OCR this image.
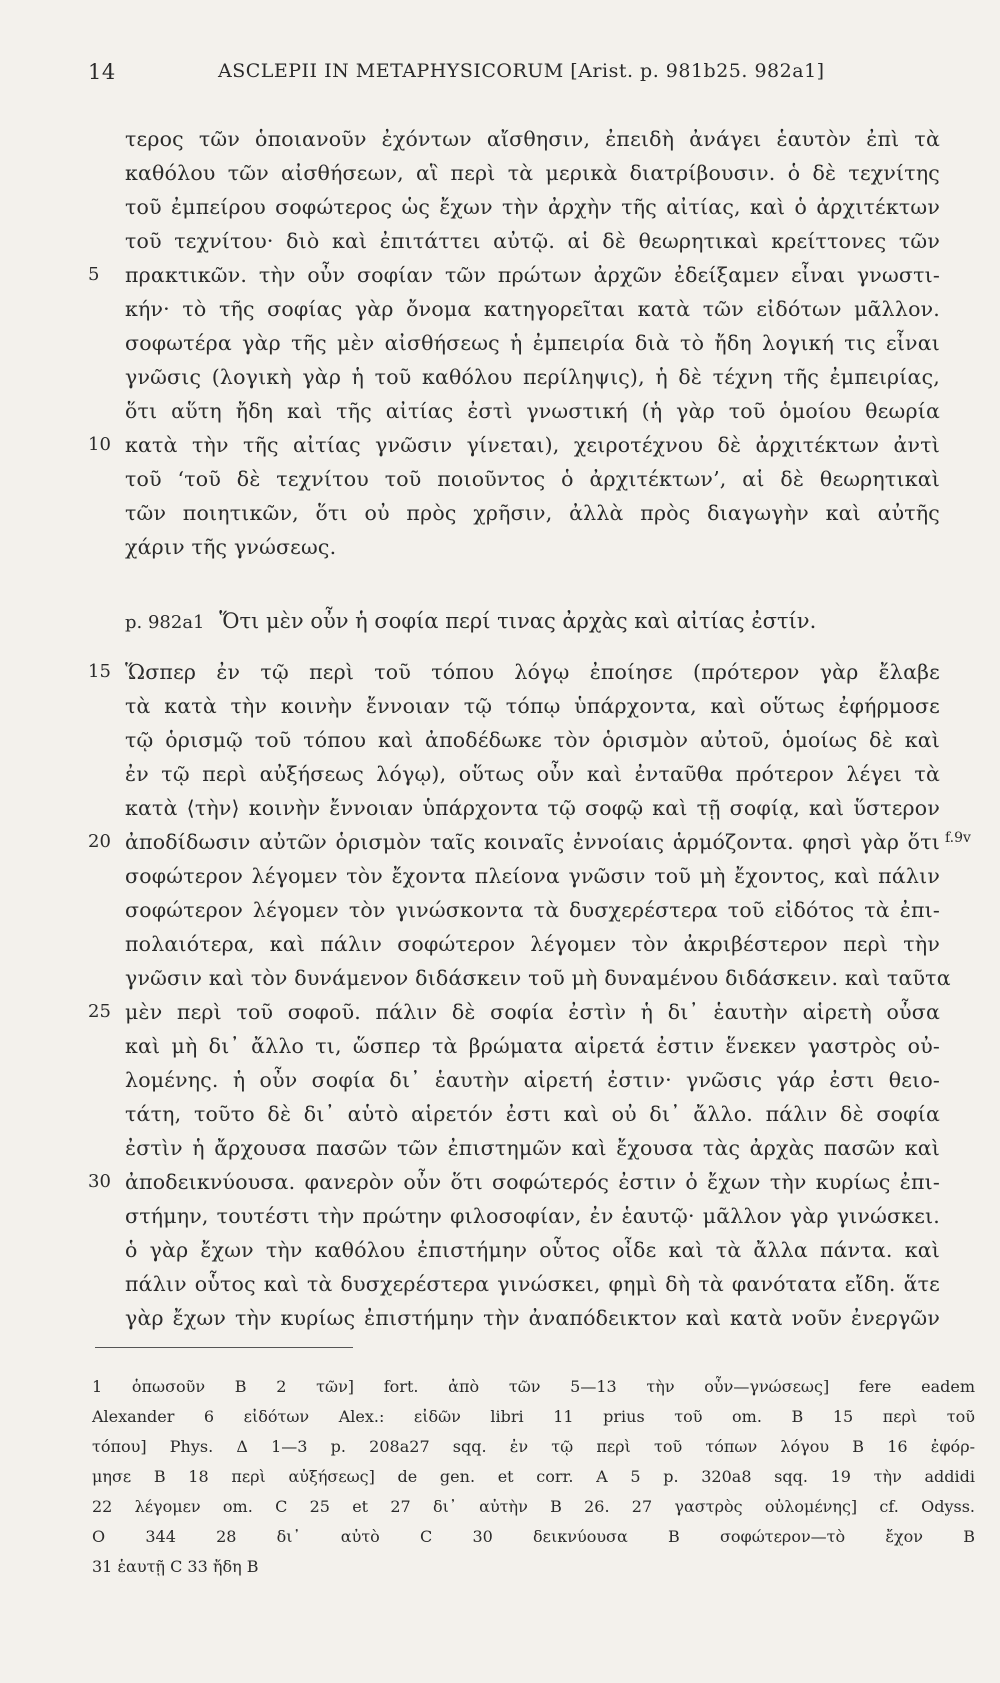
14	ASCLEPII IN METAPHYSICORUM [Arist. p. 981b25. 982a1]
τερος τῶν ὁποιανοῦν ἐχόντων αἴσθησιν, ἐπειδὴ ἀνάγει ἑαυτὸν ἐπὶ τὰ
καθόλου τῶν αἰσθήσεων, αἳ περὶ τὰ μερικὰ διατρίβουσιν. ὁ δὲ τεχνίτης
τοῦ ἐμπείρου σοφώτερος ὡς ἔχων τὴν ἀρχὴν τῆς αἰτίας, καὶ ὁ ἀρχιτέκτων
τοῦ τεχνίτου· διὸ καὶ ἐπιτάττει αὐτῷ. αἱ δὲ θεωρητικαὶ κρείττονες τῶν
πρακτικῶν. τὴν οὖν σοφίαν τῶν πρώτων ἀρχῶν ἐδείξαμεν εἶναι γνωστι-
κήν· τὸ τῆς σοφίας γὰρ ὄνομα κατηγορεῖται κατὰ τῶν εἰδότων μᾶλλον.
σοφωτέρα γὰρ τῆς μὲν αἰσθήσεως ἡ ἐμπειρία διὰ τὸ ἤδη λογική τις εἶναι
γνῶσις (λογικὴ γὰρ ἡ τοῦ καθόλου περίληψις), ἡ δὲ τέχνη τῆς ἐμπειρίας,
ὅτι αὕτη ἤδη καὶ τῆς αἰτίας ἐστὶ γνωστική (ἡ γὰρ τοῦ ὁμοίου θεωρία
κατὰ τὴν τῆς αἰτίας γνῶσιν γίνεται), χειροτέχνου δὲ ἀρχιτέκτων ἀντὶ
τοῦ ‘τοῦ δὲ τεχνίτου τοῦ ποιοῦντος ὁ ἀρχιτέκτων’, αἱ δὲ θεωρητικαὶ
τῶν ποιητικῶν, ὅτι οὐ πρὸς χρῆσιν, ἀλλὰ πρὸς διαγωγὴν καὶ αὐτῆς
χάριν τῆς γνώσεως.
p. 982a1 Ὅτι μὲν οὖν ἡ σοφία περί τινας ἀρχὰς καὶ αἰτίας ἐστίν.
Ὥσπερ ἐν τῷ περὶ τοῦ τόπου λόγῳ ἐποίησε (πρότερον γὰρ ἔλαβε
τὰ κατὰ τὴν κοινὴν ἔννοιαν τῷ τόπῳ ὑπάρχοντα, καὶ οὕτως ἐφήρμοσε
τῷ ὁρισμῷ τοῦ τόπου καὶ ἀποδέδωκε τὸν ὁρισμὸν αὐτοῦ, ὁμοίως δὲ καὶ
ἐν τῷ περὶ αὐξήσεως λόγῳ), οὕτως οὖν καὶ ἐνταῦθα πρότερον λέγει τὰ
κατὰ ⟨τὴν⟩ κοινὴν ἔννοιαν ὑπάρχοντα τῷ σοφῷ καὶ τῇ σοφίᾳ, καὶ ὕστερον
ἀποδίδωσιν αὐτῶν ὁρισμὸν ταῖς κοιναῖς ἐννοίαις ἁρμόζοντα. φησὶ γὰρ ὅτι
σοφώτερον λέγομεν τὸν ἔχοντα πλείονα γνῶσιν τοῦ μὴ ἔχοντος, καὶ πάλιν
σοφώτερον λέγομεν τὸν γινώσκοντα τὰ δυσχερέστερα τοῦ εἰδότος τὰ ἐπι-
πολαιότερα, καὶ πάλιν σοφώτερον λέγομεν τὸν ἀκριβέστερον περὶ τὴν
γνῶσιν καὶ τὸν δυνάμενον διδάσκειν τοῦ μὴ δυναμένου διδάσκειν. καὶ ταῦτα
μὲν περὶ τοῦ σοφοῦ. πάλιν δὲ σοφία ἐστὶν ἡ δι᾽ ἑαυτὴν αἱρετὴ οὖσα
καὶ μὴ δι᾽ ἄλλο τι, ὥσπερ τὰ βρώματα αἱρετά ἐστιν ἕνεκεν γαστρὸς οὐ-
λομένης. ἡ οὖν σοφία δι᾽ ἑαυτὴν αἱρετή ἐστιν· γνῶσις γάρ ἐστι θειο-
τάτη, τοῦτο δὲ δι᾽ αὑτὸ αἱρετόν ἐστι καὶ οὐ δι᾽ ἄλλο. πάλιν δὲ σοφία
ἐστὶν ἡ ἄρχουσα πασῶν τῶν ἐπιστημῶν καὶ ἔχουσα τὰς ἀρχὰς πασῶν καὶ
ἀποδεικνύουσα. φανερὸν οὖν ὅτι σοφώτερός ἐστιν ὁ ἔχων τὴν κυρίως ἐπι-
στήμην, τουτέστι τὴν πρώτην φιλοσοφίαν, ἐν ἑαυτῷ· μᾶλλον γὰρ γινώσκει.
ὁ γὰρ ἔχων τὴν καθόλου ἐπιστήμην οὗτος οἶδε καὶ τὰ ἄλλα πάντα. καὶ
πάλιν οὗτος καὶ τὰ δυσχερέστερα γινώσκει, φημὶ δὴ τὰ φανότατα εἴδη. ἅτε
γὰρ ἔχων τὴν κυρίως ἐπιστήμην τὴν ἀναπόδεικτον καὶ κατὰ νοῦν ἐνεργῶν
5
10
15
20
25
30
f.9v
1 ὁπωσοῦν B 2 τῶν] fort. ἀπὸ τῶν 5—13 τὴν οὖν—γνώσεως] fere eadem
Alexander 6 εἰδότων Alex.: εἰδῶν libri 11 prius τοῦ om. B 15 περὶ τοῦ
τόπου] Phys. Δ 1—3 p. 208a27 sqq. ἐν τῷ περὶ τοῦ τόπων λόγου B 16 ἐφόρ-
μησε B 18 περὶ αὐξήσεως] de gen. et corr. A 5 p. 320a8 sqq. 19 τὴν addidi
22 λέγομεν om. C 25 et 27 δι᾽ αὐτὴν B 26. 27 γαστρὸς οὐλομένης] cf. Odyss.
O 344 28 δι᾽ αὐτὸ C 30 δεικνύουσα B σοφώτερον—τὸ ἔχον B
31 ἑαυτῇ C 33 ἤδη B
